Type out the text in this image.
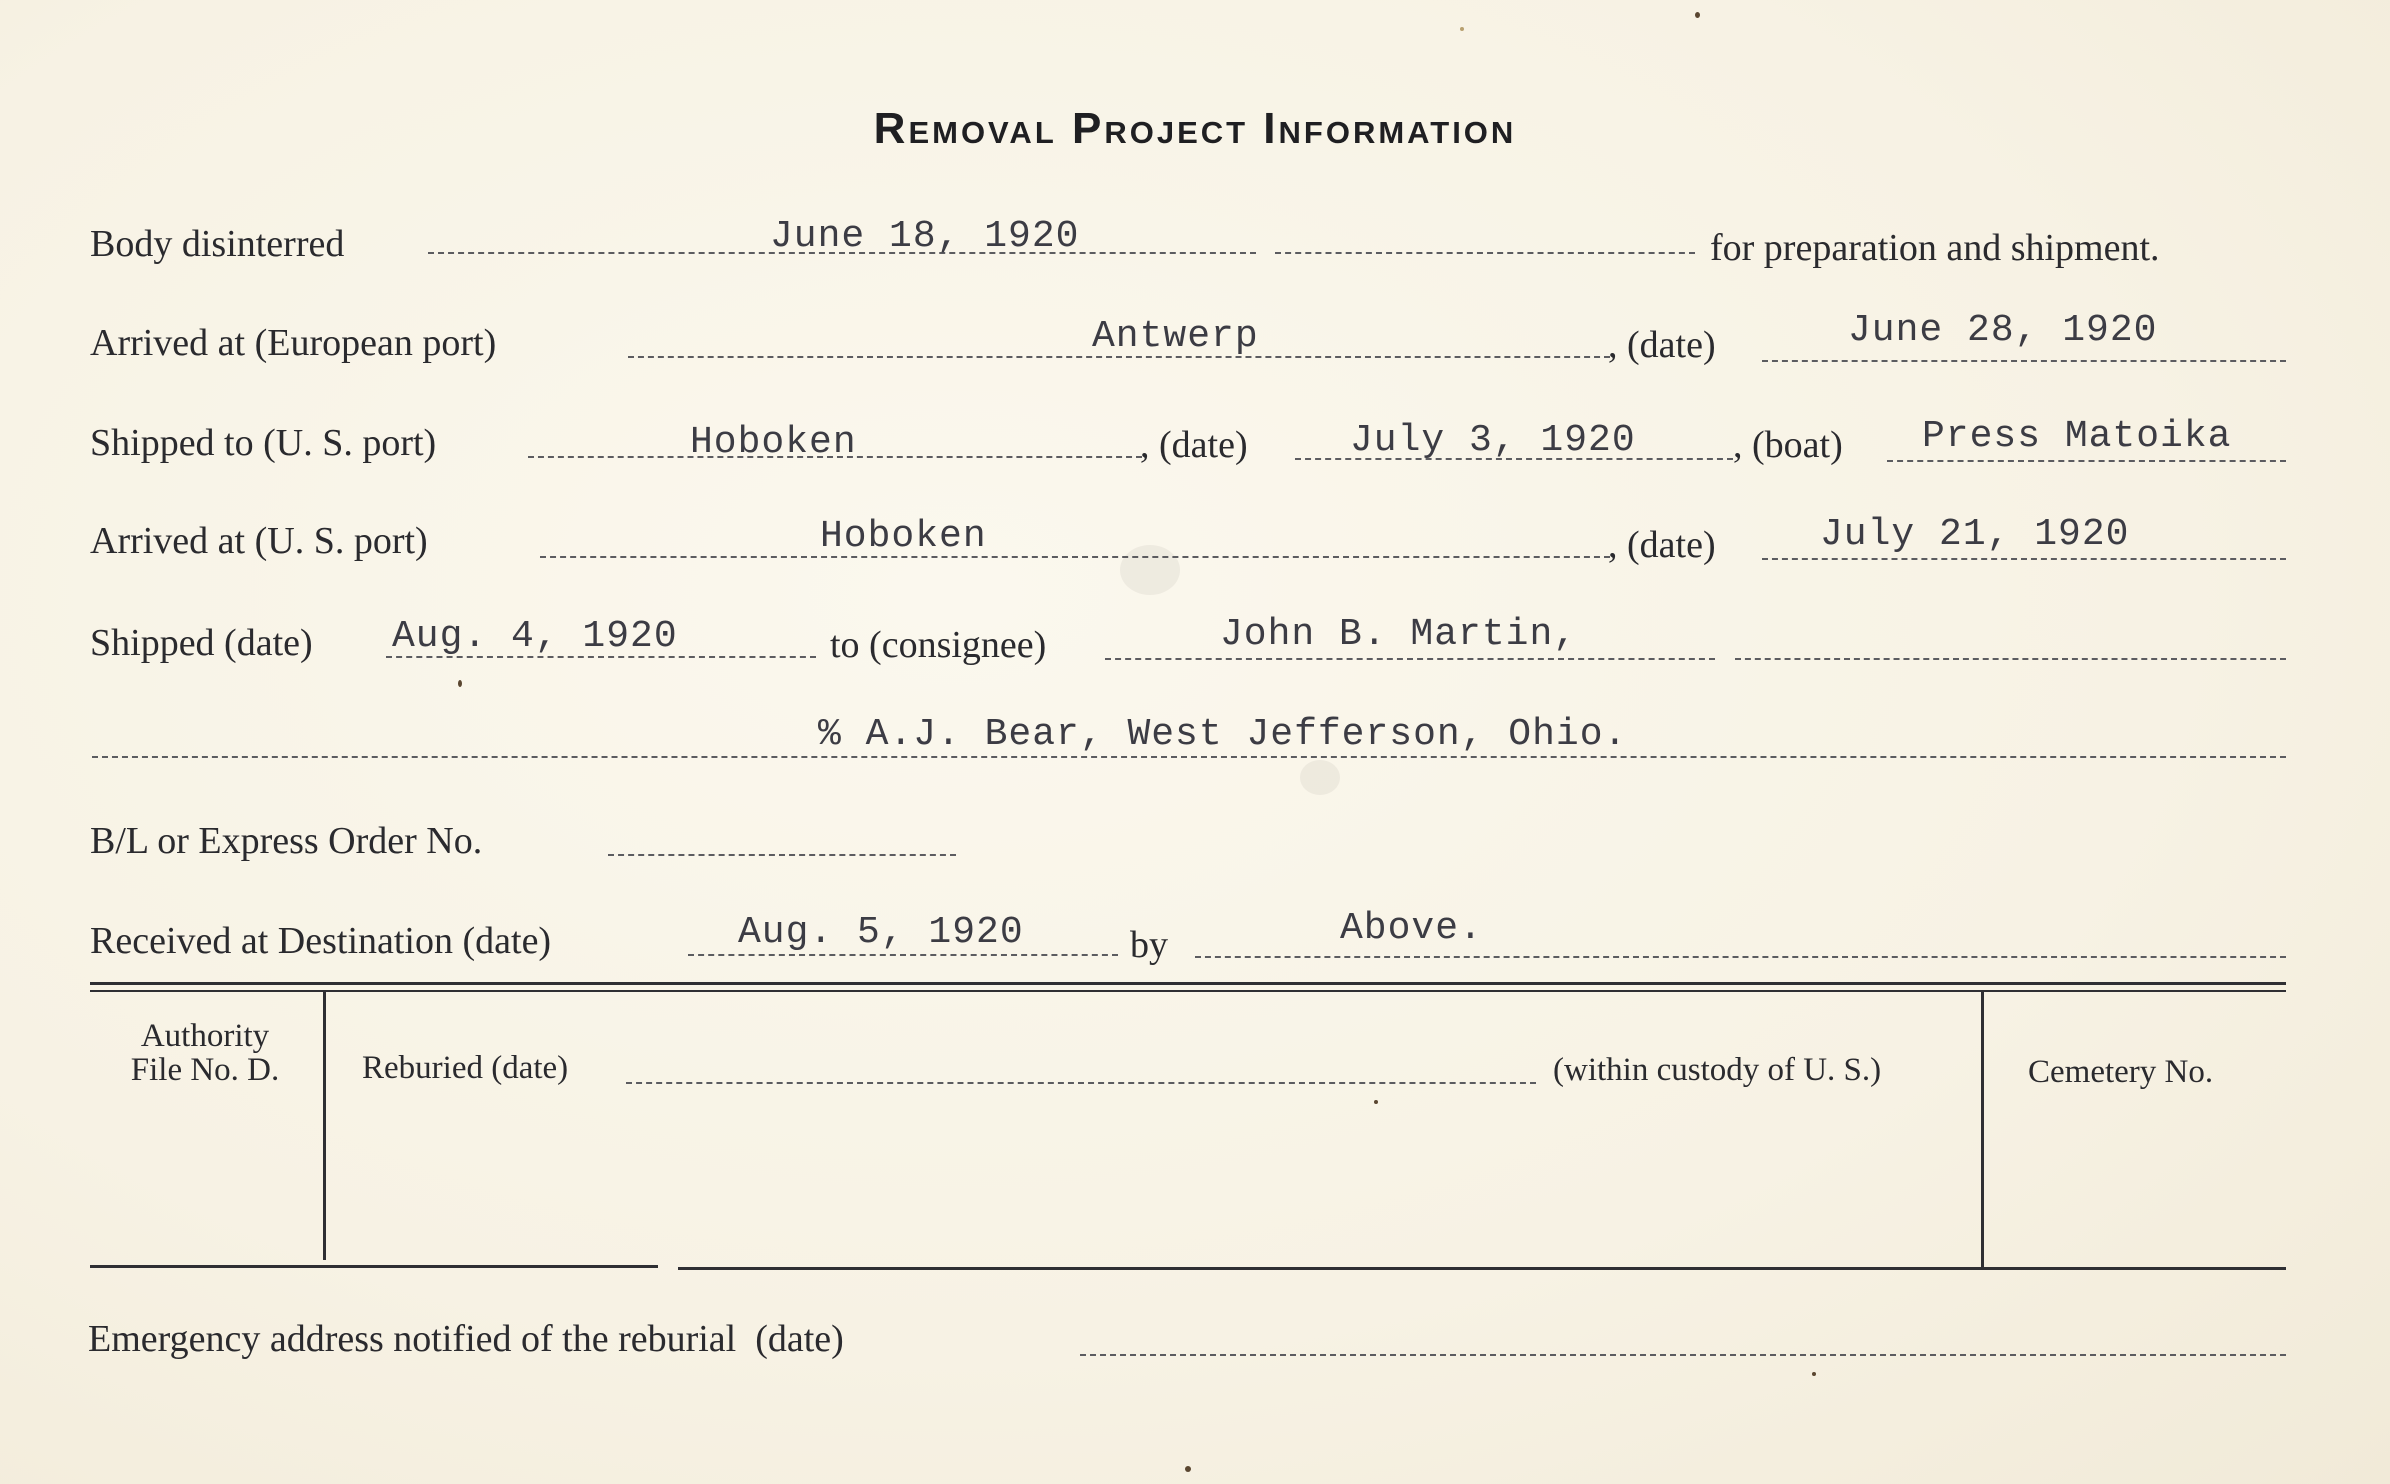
Removal Project Information
Body disinterred	June 18, 1920	for preparation and shipment.
Arrived at (European port)	Antwerp	, (date)	June 28, 1920
Shipped to (U. S. port)	Hoboken	, (date)	July 3, 1920	, (boat) Press Matoika
Arrived at (U. S. port)	Hoboken	, (date)	July 21, 1920
Shipped (date) Aug. 4, 1920	to (consignee)	John B. Martin,
% A.J. Bear, West Jefferson, Ohio.
B/L or Express Order No.
Received at Destination (date)	Aug. 5, 1920	by	Above.
Authority
File No. D.	Reburied (date)	(within custody of U. S.)	Cemetery No.
Emergency address notified of the reburial  (date)
